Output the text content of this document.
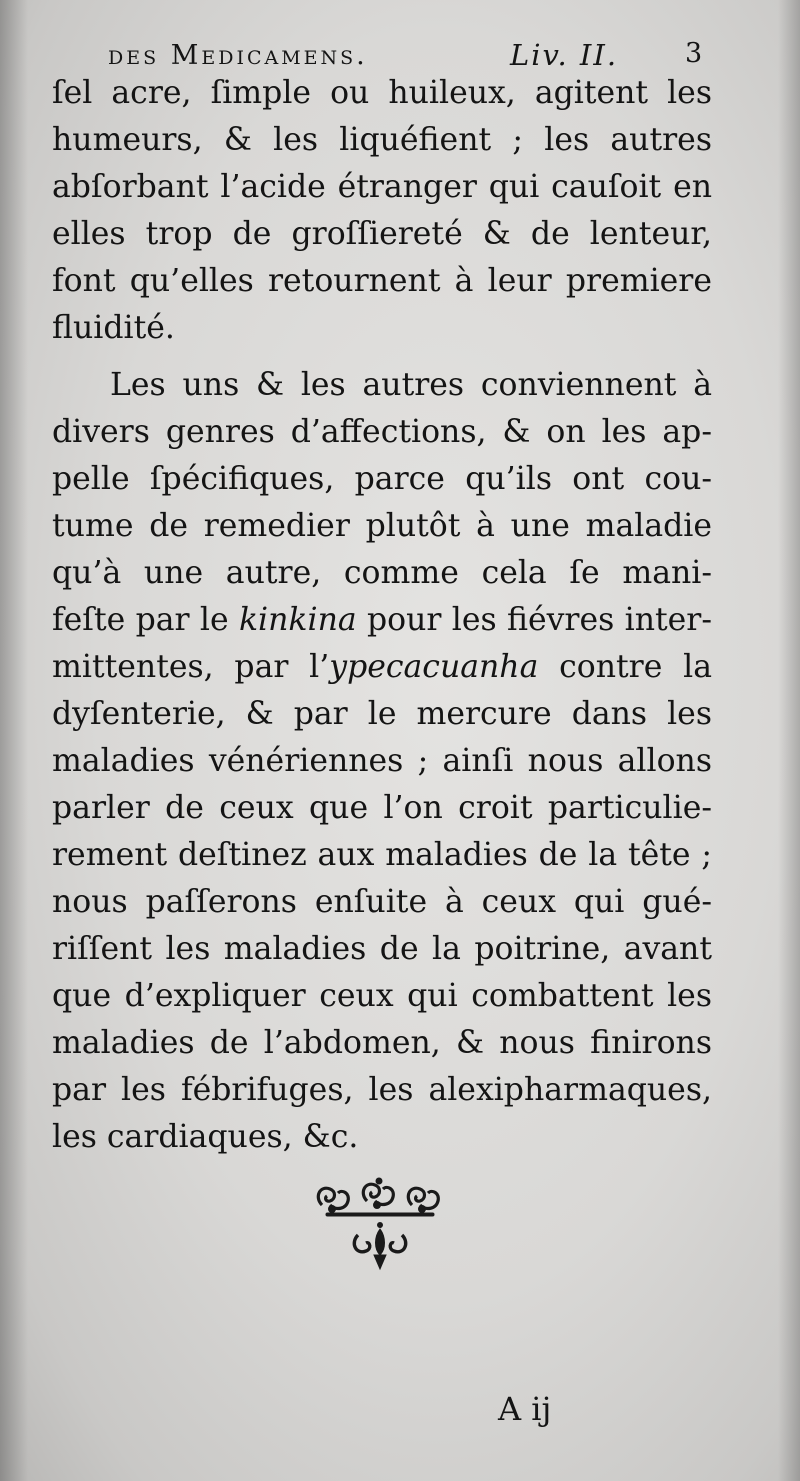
des Medicamens.	Liv. II. 3
ſel acre, ſimple ou huileux, agitent les
humeurs, & les liquéfient ; les autres
abſorbant l’acide étranger qui cauſoit en
elles trop de groſſiereté & de lenteur,
font qu’elles retournent à leur premiere
fluidité.
Les uns & les autres conviennent à
divers genres d’affections, & on les ap-
pelle ſpécifiques, parce qu’ils ont cou-
tume de remedier plutôt à une maladie
qu’à une autre, comme cela ſe mani-
feſte par le kinkina pour les fiévres inter-
mittentes, par l’ypecacuanha contre la
dyſenterie, & par le mercure dans les
maladies vénériennes ; ainſi nous allons
parler de ceux que l’on croit particulie-
rement deſtinez aux maladies de la tête ;
nous paſſerons enſuite à ceux qui gué-
riſſent les maladies de la poitrine, avant
que d’expliquer ceux qui combattent les
maladies de l’abdomen, & nous finirons
par les fébrifuges, les alexipharmaques,
les cardiaques, &c.
A ij
